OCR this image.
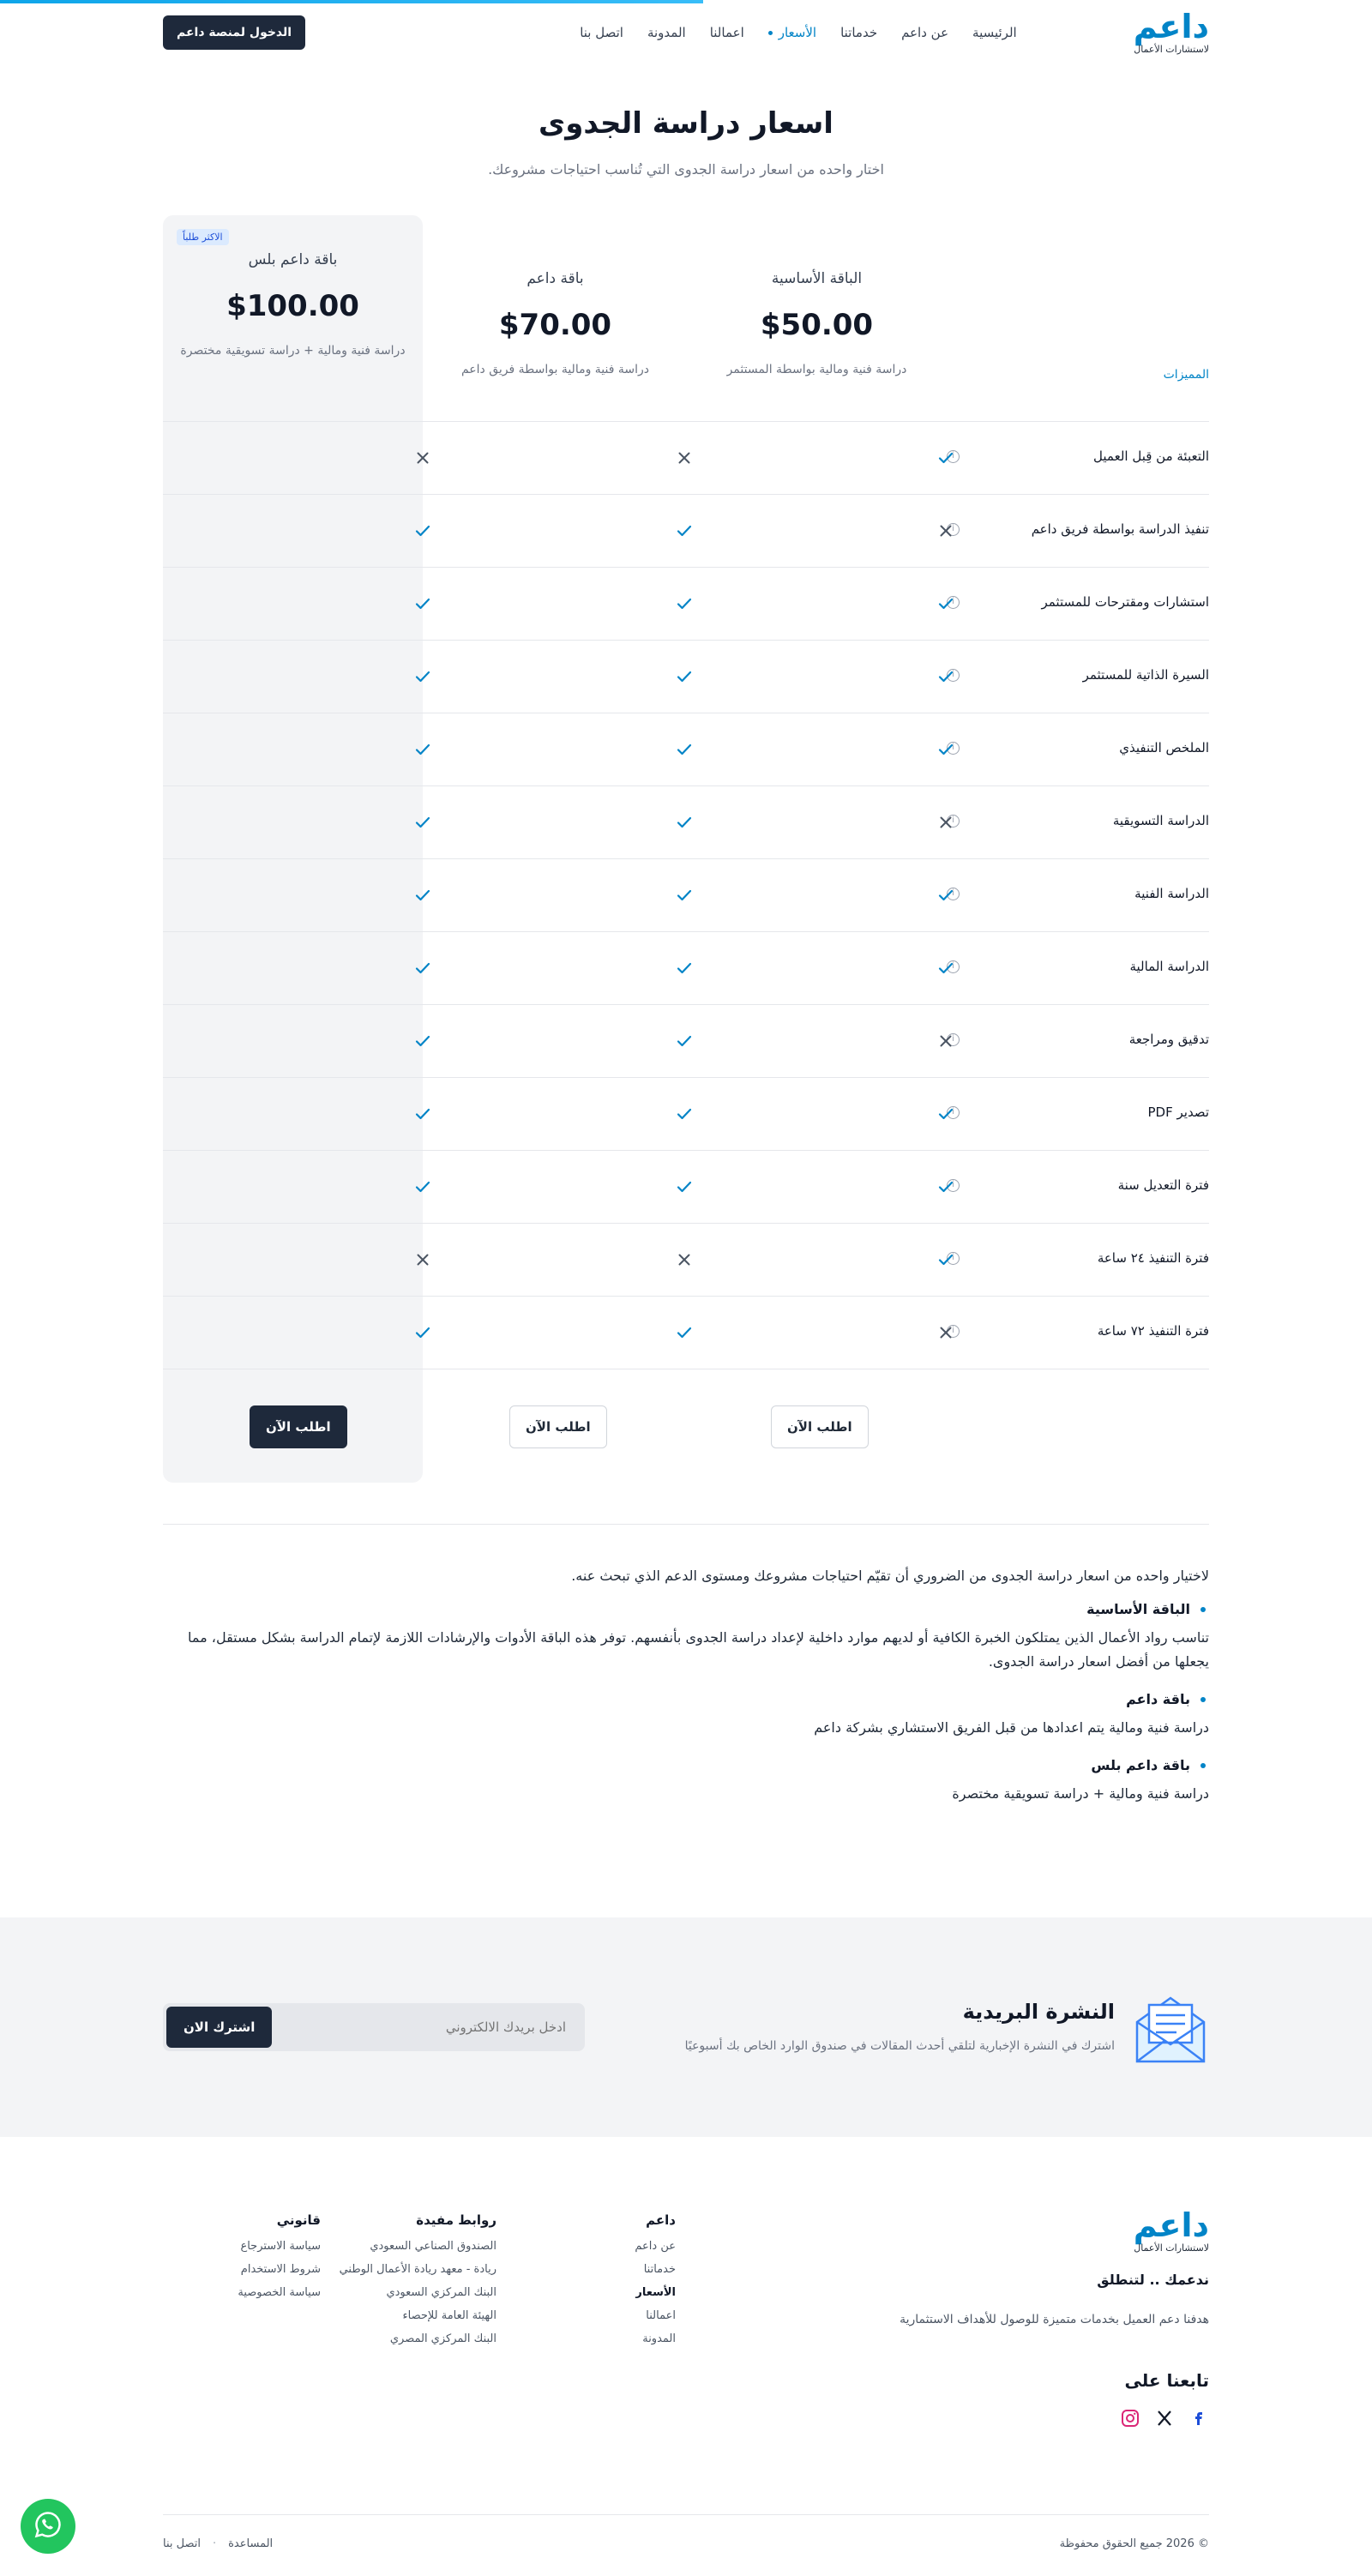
داعم
لاستشارات الأعمال
الرئيسية
عن داعم
خدماتنا
الأسعار
اعمالنا
المدونة
اتصل بنا
الدخول لمنصة داعم
اسعار دراسة الجدوى

اختار واحده من اسعار دراسة الجدوى التي تُناسب احتياجات مشروعك.

المميزات
الباقة الأساسية
$50.00
دراسة فنية ومالية بواسطة المستثمر
باقة داعم
$70.00
دراسة فنية ومالية بواسطة فريق داعم
باقة داعم بلس
$100.00
دراسة فنية ومالية + دراسة تسويقية مختصرة
الاكثر طلباً
التعبئة من قِبل العميل
i
تنفيذ الدراسة بواسطة فريق داعم
i
استشارات ومقترحات للمستثمر
i
السيرة الذاتية للمستثمر
i
الملخص التنفيذي
i
الدراسة التسويقية
i
الدراسة الفنية
i
الدراسة المالية
i
تدقيق ومراجعة
i
تصدير PDF
i
فترة التعديل سنة
i
فترة التنفيذ ٢٤ ساعة
i
فترة التنفيذ ٧٢ ساعة
i
اطلب الآن
اطلب الآن
اطلب الآن
لاختيار واحده من اسعار دراسة الجدوى من الضروري أن تقيّم احتياجات مشروعك ومستوى الدعم الذي تبحث عنه.
الباقة الأساسية
تناسب رواد الأعمال الذين يمتلكون الخبرة الكافية أو لديهم موارد داخلية لإعداد دراسة الجدوى بأنفسهم. توفر هذه الباقة الأدوات والإرشادات اللازمة لإتمام الدراسة بشكل مستقل، مما يجعلها من أفضل اسعار دراسة الجدوى.
باقة داعم
دراسة فنية ومالية يتم اعدادها من قبل الفريق الاستشاري بشركة داعم
باقة داعم بلس
دراسة فنية ومالية + دراسة تسويقية مختصرة
النشرة البريدية
اشترك في النشرة الإخبارية لتلقي أحدث المقالات في صندوق الوارد الخاص بك أسبوعيًا
ادخل بريدك الالكتروني
اشترك الان
داعم
لاستشارات الأعمال
ندعمك .. لتنطلق
هدفنا دعم العميل بخدمات متميزة للوصول للأهداف الاستثمارية
تابعنا على
داعم
عن داعم
خدماتنا
الأسعار
اعمالنا
المدونة
روابط مفيدة
الصندوق الصناعي السعودي
ريادة - معهد ريادة الأعمال الوطني
البنك المركزي السعودي
الهيئة العامة للإحصاء
البنك المركزي المصري
قانوني
سياسة الاسترجاع
شروط الاستخدام
سياسة الخصوصية
© 2026 جميع الحقوق محفوظة
المساعدة
·
اتصل بنا
